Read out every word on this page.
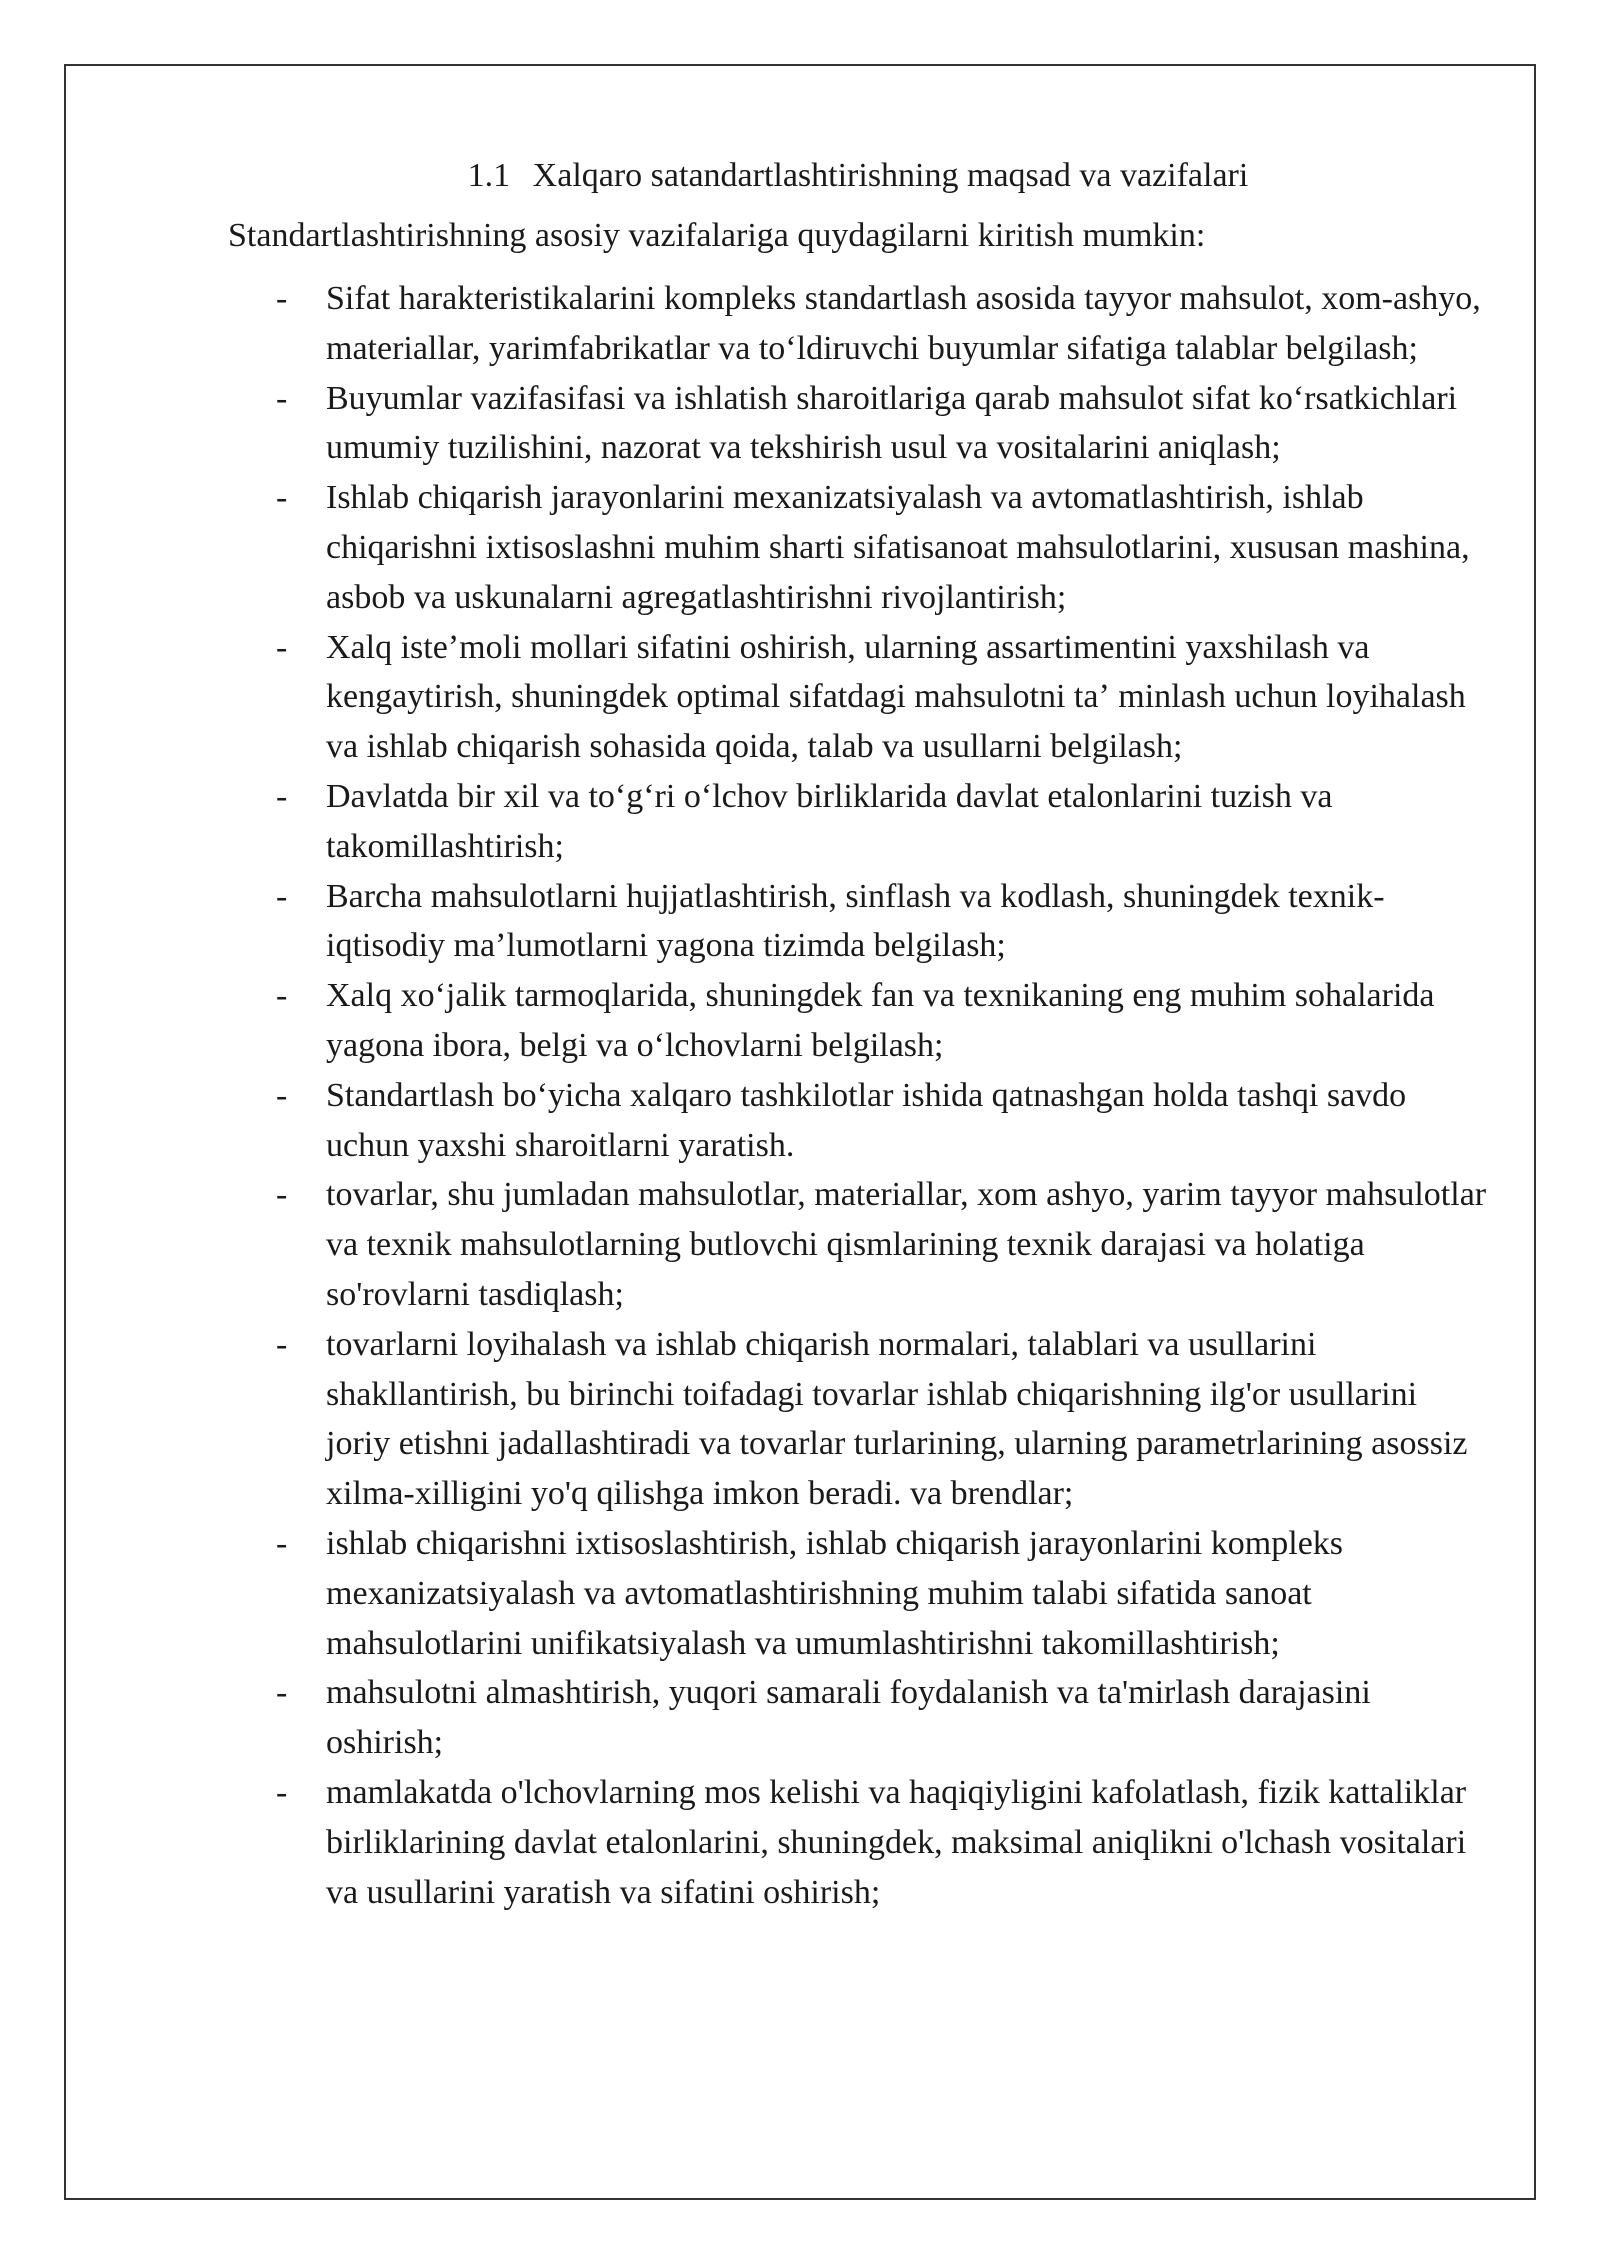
1.1 Xalqaro satandartlashtirishning maqsad va vazifalari

Standartlashtirishning asosiy vazifalariga quydagilarni kiritish mumkin:

- Sifat harakteristikalarini kompleks standartlash asosida tayyor mahsulot, xom-ashyo, materiallar, yarimfabrikatlar va toʻldiruvchi buyumlar sifatiga talablar belgilash;
- Buyumlar vazifasifasi va ishlatish sharoitlariga qarab mahsulot sifat koʻrsatkichlari umumiy tuzilishini, nazorat va tekshirish usul va vositalarini aniqlash;
- Ishlab chiqarish jarayonlarini mexanizatsiyalash va avtomatlashtirish, ishlab chiqarishni ixtisoslashni muhim sharti sifatisanoat mahsulotlarini, xususan mashina, asbob va uskunalarni agregatlashtirishni rivojlantirish;
- Xalq isteʼmoli mollari sifatini oshirish, ularning assartimentini yaxshilash va kengaytirish, shuningdek optimal sifatdagi mahsulotni taʼ minlash uchun loyihalash va ishlab chiqarish sohasida qoida, talab va usullarni belgilash;
- Davlatda bir xil va toʻgʻri oʻlchov birliklarida davlat etalonlarini tuzish va takomillashtirish;
- Barcha mahsulotlarni hujjatlashtirish, sinflash va kodlash, shuningdek texnik- iqtisodiy maʼlumotlarni yagona tizimda belgilash;
- Xalq xoʻjalik tarmoqlarida, shuningdek fan va texnikaning eng muhim sohalarida yagona ibora, belgi va oʻlchovlarni belgilash;
- Standartlash boʻyicha xalqaro tashkilotlar ishida qatnashgan holda tashqi savdo uchun yaxshi sharoitlarni yaratish.
- tovarlar, shu jumladan mahsulotlar, materiallar, xom ashyo, yarim tayyor mahsulotlar va texnik mahsulotlarning butlovchi qismlarining texnik darajasi va holatiga so'rovlarni tasdiqlash;
- tovarlarni loyihalash va ishlab chiqarish normalari, talablari va usullarini shakllantirish, bu birinchi toifadagi tovarlar ishlab chiqarishning ilg'or usullarini joriy etishni jadallashtiradi va tovarlar turlarining, ularning parametrlarining asossiz xilma-xilligini yo'q qilishga imkon beradi. va brendlar;
- ishlab chiqarishni ixtisoslashtirish, ishlab chiqarish jarayonlarini kompleks mexanizatsiyalash va avtomatlashtirishning muhim talabi sifatida sanoat mahsulotlarini unifikatsiyalash va umumlashtirishni takomillashtirish;
- mahsulotni almashtirish, yuqori samarali foydalanish va ta'mirlash darajasini oshirish;
- mamlakatda o'lchovlarning mos kelishi va haqiqiyligini kafolatlash, fizik kattaliklar birliklarining davlat etalonlarini, shuningdek, maksimal aniqlikni o'lchash vositalari va usullarini yaratish va sifatini oshirish;
